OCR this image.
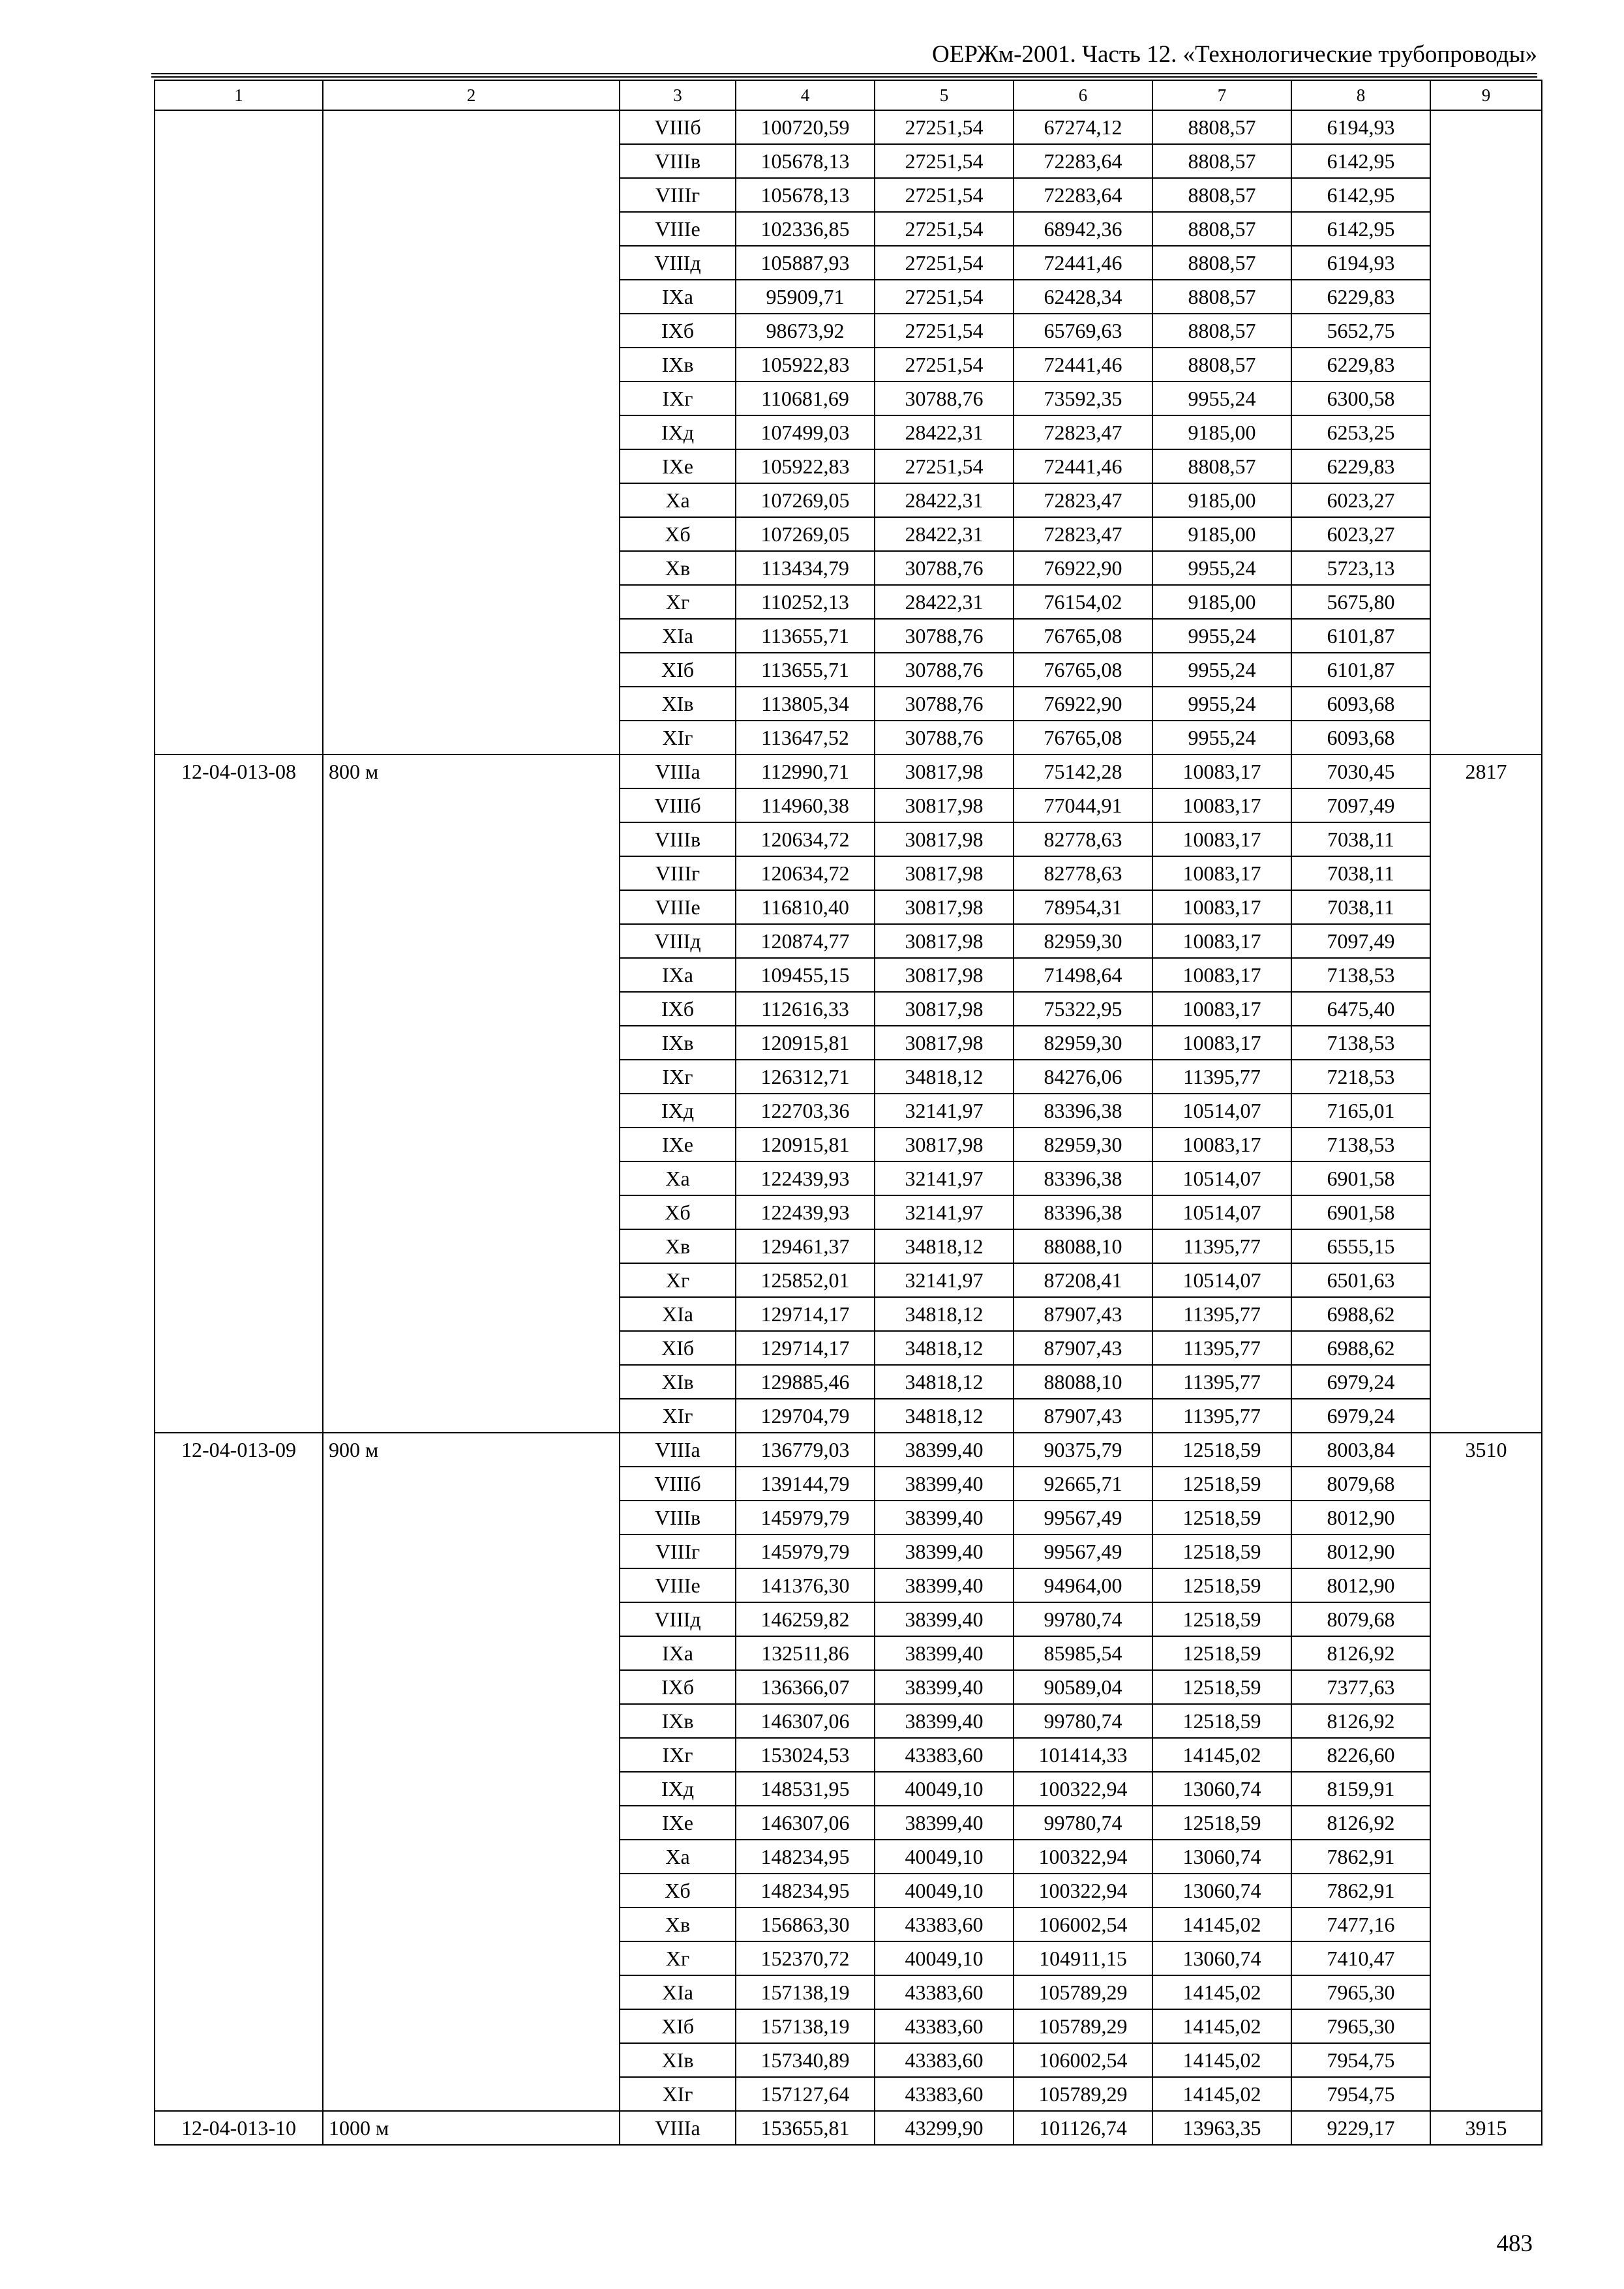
ОЕРЖм-2001. Часть 12. «Технологические трубопроводы»
1	2	3	4	5	6	7	8	9
		VIIIб	100720,59	27251,54	67274,12	8808,57	6194,93	
		VIIIв	105678,13	27251,54	72283,64	8808,57	6142,95	
		VIIIг	105678,13	27251,54	72283,64	8808,57	6142,95	
		VIIIе	102336,85	27251,54	68942,36	8808,57	6142,95	
		VIIIд	105887,93	27251,54	72441,46	8808,57	6194,93	
		IXа	95909,71	27251,54	62428,34	8808,57	6229,83	
		IXб	98673,92	27251,54	65769,63	8808,57	5652,75	
		IXв	105922,83	27251,54	72441,46	8808,57	6229,83	
		IXг	110681,69	30788,76	73592,35	9955,24	6300,58	
		IXд	107499,03	28422,31	72823,47	9185,00	6253,25	
		IXе	105922,83	27251,54	72441,46	8808,57	6229,83	
		Xа	107269,05	28422,31	72823,47	9185,00	6023,27	
		Xб	107269,05	28422,31	72823,47	9185,00	6023,27	
		Xв	113434,79	30788,76	76922,90	9955,24	5723,13	
		Xг	110252,13	28422,31	76154,02	9185,00	5675,80	
		XIа	113655,71	30788,76	76765,08	9955,24	6101,87	
		XIб	113655,71	30788,76	76765,08	9955,24	6101,87	
		XIв	113805,34	30788,76	76922,90	9955,24	6093,68	
		XIг	113647,52	30788,76	76765,08	9955,24	6093,68	
12-04-013-08	800 м	VIIIа	112990,71	30817,98	75142,28	10083,17	7030,45	2817
		VIIIб	114960,38	30817,98	77044,91	10083,17	7097,49	
		VIIIв	120634,72	30817,98	82778,63	10083,17	7038,11	
		VIIIг	120634,72	30817,98	82778,63	10083,17	7038,11	
		VIIIе	116810,40	30817,98	78954,31	10083,17	7038,11	
		VIIIд	120874,77	30817,98	82959,30	10083,17	7097,49	
		IXа	109455,15	30817,98	71498,64	10083,17	7138,53	
		IXб	112616,33	30817,98	75322,95	10083,17	6475,40	
		IXв	120915,81	30817,98	82959,30	10083,17	7138,53	
		IXг	126312,71	34818,12	84276,06	11395,77	7218,53	
		IXд	122703,36	32141,97	83396,38	10514,07	7165,01	
		IXе	120915,81	30817,98	82959,30	10083,17	7138,53	
		Xа	122439,93	32141,97	83396,38	10514,07	6901,58	
		Xб	122439,93	32141,97	83396,38	10514,07	6901,58	
		Xв	129461,37	34818,12	88088,10	11395,77	6555,15	
		Xг	125852,01	32141,97	87208,41	10514,07	6501,63	
		XIа	129714,17	34818,12	87907,43	11395,77	6988,62	
		XIб	129714,17	34818,12	87907,43	11395,77	6988,62	
		XIв	129885,46	34818,12	88088,10	11395,77	6979,24	
		XIг	129704,79	34818,12	87907,43	11395,77	6979,24	
12-04-013-09	900 м	VIIIа	136779,03	38399,40	90375,79	12518,59	8003,84	3510
		VIIIб	139144,79	38399,40	92665,71	12518,59	8079,68	
		VIIIв	145979,79	38399,40	99567,49	12518,59	8012,90	
		VIIIг	145979,79	38399,40	99567,49	12518,59	8012,90	
		VIIIе	141376,30	38399,40	94964,00	12518,59	8012,90	
		VIIIд	146259,82	38399,40	99780,74	12518,59	8079,68	
		IXа	132511,86	38399,40	85985,54	12518,59	8126,92	
		IXб	136366,07	38399,40	90589,04	12518,59	7377,63	
		IXв	146307,06	38399,40	99780,74	12518,59	8126,92	
		IXг	153024,53	43383,60	101414,33	14145,02	8226,60	
		IXд	148531,95	40049,10	100322,94	13060,74	8159,91	
		IXе	146307,06	38399,40	99780,74	12518,59	8126,92	
		Xа	148234,95	40049,10	100322,94	13060,74	7862,91	
		Xб	148234,95	40049,10	100322,94	13060,74	7862,91	
		Xв	156863,30	43383,60	106002,54	14145,02	7477,16	
		Xг	152370,72	40049,10	104911,15	13060,74	7410,47	
		XIа	157138,19	43383,60	105789,29	14145,02	7965,30	
		XIб	157138,19	43383,60	105789,29	14145,02	7965,30	
		XIв	157340,89	43383,60	106002,54	14145,02	7954,75	
		XIг	157127,64	43383,60	105789,29	14145,02	7954,75	
12-04-013-10	1000 м	VIIIа	153655,81	43299,90	101126,74	13963,35	9229,17	3915
483
